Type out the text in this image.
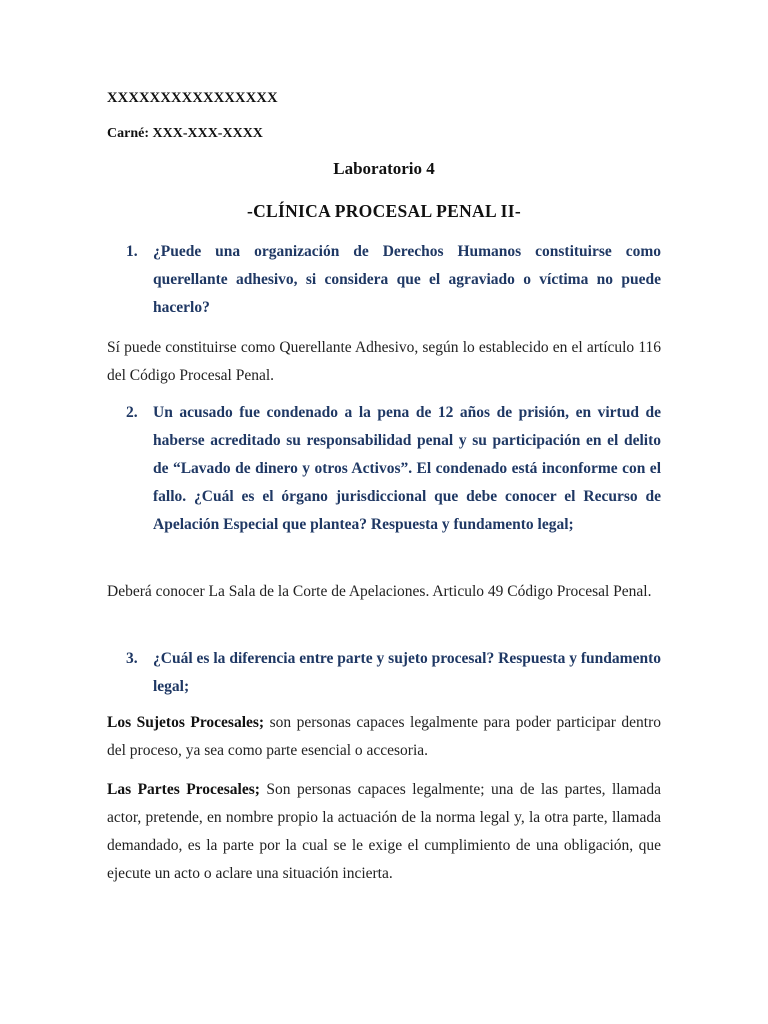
XXXXXXXXXXXXXXXX
Carné: XXX-XXX-XXXX
Laboratorio 4
-CLÍNICA PROCESAL PENAL II-
1. ¿Puede una organización de Derechos Humanos constituirse como querellante adhesivo, si considera que el agraviado o víctima no puede hacerlo?
Sí puede constituirse como Querellante Adhesivo, según lo establecido en el artículo 116 del Código Procesal Penal.
2. Un acusado fue condenado a la pena de 12 años de prisión, en virtud de haberse acreditado su responsabilidad penal y su participación en el delito de “Lavado de dinero y otros Activos”. El condenado está inconforme con el fallo. ¿Cuál es el órgano jurisdiccional que debe conocer el Recurso de Apelación Especial que plantea? Respuesta y fundamento legal;
Deberá conocer La Sala de la Corte de Apelaciones. Articulo 49 Código Procesal Penal.
3. ¿Cuál es la diferencia entre parte y sujeto procesal? Respuesta y fundamento legal;
Los Sujetos Procesales; son personas capaces legalmente para poder participar dentro del proceso, ya sea como parte esencial o accesoria.
Las Partes Procesales; Son personas capaces legalmente; una de las partes, llamada actor, pretende, en nombre propio la actuación de la norma legal y, la otra parte, llamada demandado, es la parte por la cual se le exige el cumplimiento de una obligación, que ejecute un acto o aclare una situación incierta.
